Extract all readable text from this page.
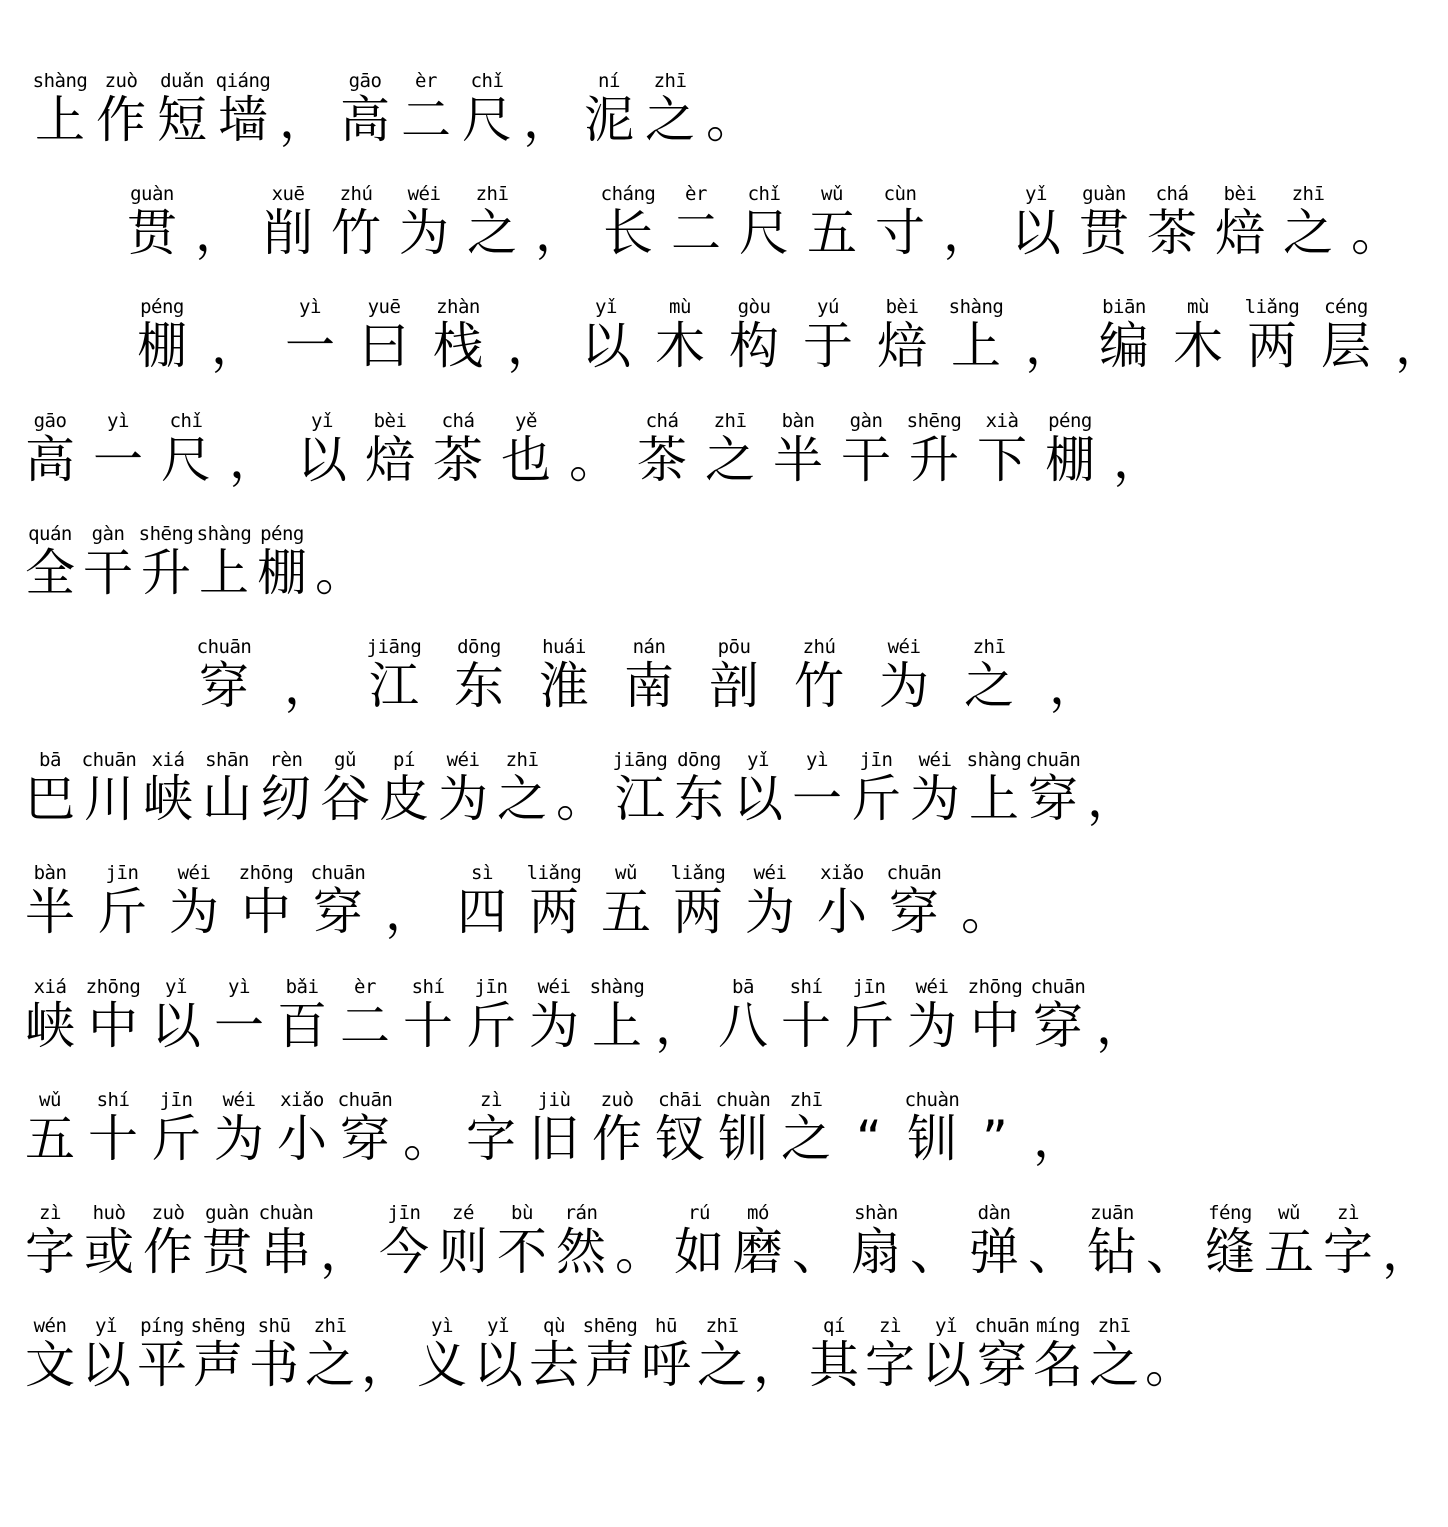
shàng
上
zuò
作
duǎn
短
qiáng
墙 ，
gāo
高
èr
二
chǐ
尺 ，
ní
泥
zhī
之 。
guàn
贯 ，
xuē
削
zhú
竹
wéi
为
zhī
之 ，
cháng
长
èr
二
chǐ
尺
wǔ
五
cùn
寸 ，
yǐ
以
guàn
贯
chá
茶
bèi
焙
zhī
之 。
péng
棚 ，
yì
一
yuē
曰
zhàn
栈 ，
yǐ
以
mù
木
gòu
构
yú
于
bèi
焙
shàng
上 ，
biān
编
mù
木
liǎng
两
céng
层 ，
gāo
高
yì
一
chǐ
尺 ，
yǐ
以
bèi
焙
chá
茶
yě
也 。
chá
茶
zhī
之
bàn
半
gàn
干
shēng
升
xià
下
péng
棚 ，
quán
全
gàn
干
shēng
升
shàng
上
péng
棚 。
chuān
穿 ，
jiāng
江
dōng
东
huái
淮
nán
南
pōu
剖
zhú
竹
wéi
为
zhī
之 ，
bā
巴
chuān
川
xiá
峡
shān
山
rèn
纫
gǔ
谷
pí
皮
wéi
为
zhī
之 。
jiāng
江
dōng
东
yǐ
以
yì
一
jīn
斤
wéi
为
shàng
上
chuān
穿 ，
bàn
半
jīn
斤
wéi
为
zhōng
中
chuān
穿 ，
sì
四
liǎng
两
wǔ
五
liǎng
两
wéi
为
xiǎo
小
chuān
穿 。
xiá
峡
zhōng
中
yǐ
以
yì
一
bǎi
百
èr
二
shí
十
jīn
斤
wéi
为
shàng
上 ，
bā
八
shí
十
jīn
斤
wéi
为
zhōng
中
chuān
穿 ，
wǔ
五
shí
十
jīn
斤
wéi
为
xiǎo
小
chuān
穿 。
zì
字
jiù
旧
zuò
作
chāi
钗
chuàn
钏
zhī
之 “
chuàn
钏 ” ，
zì
字
huò
或
zuò
作
guàn
贯
chuàn
串 ，
jīn
今
zé
则
bù
不
rán
然 。
rú
如
mó
磨 、
shàn
扇 、
dàn
弹 、
zuān
钻 、
féng
缝
wǔ
五
zì
字 ，
wén
文
yǐ
以
píng
平
shēng
声
shū
书
zhī
之 ，
yì
义
yǐ
以
qù
去
shēng
声
hū
呼
zhī
之 ，
qí
其
zì
字
yǐ
以
chuān
穿
míng
名
zhī
之 。
